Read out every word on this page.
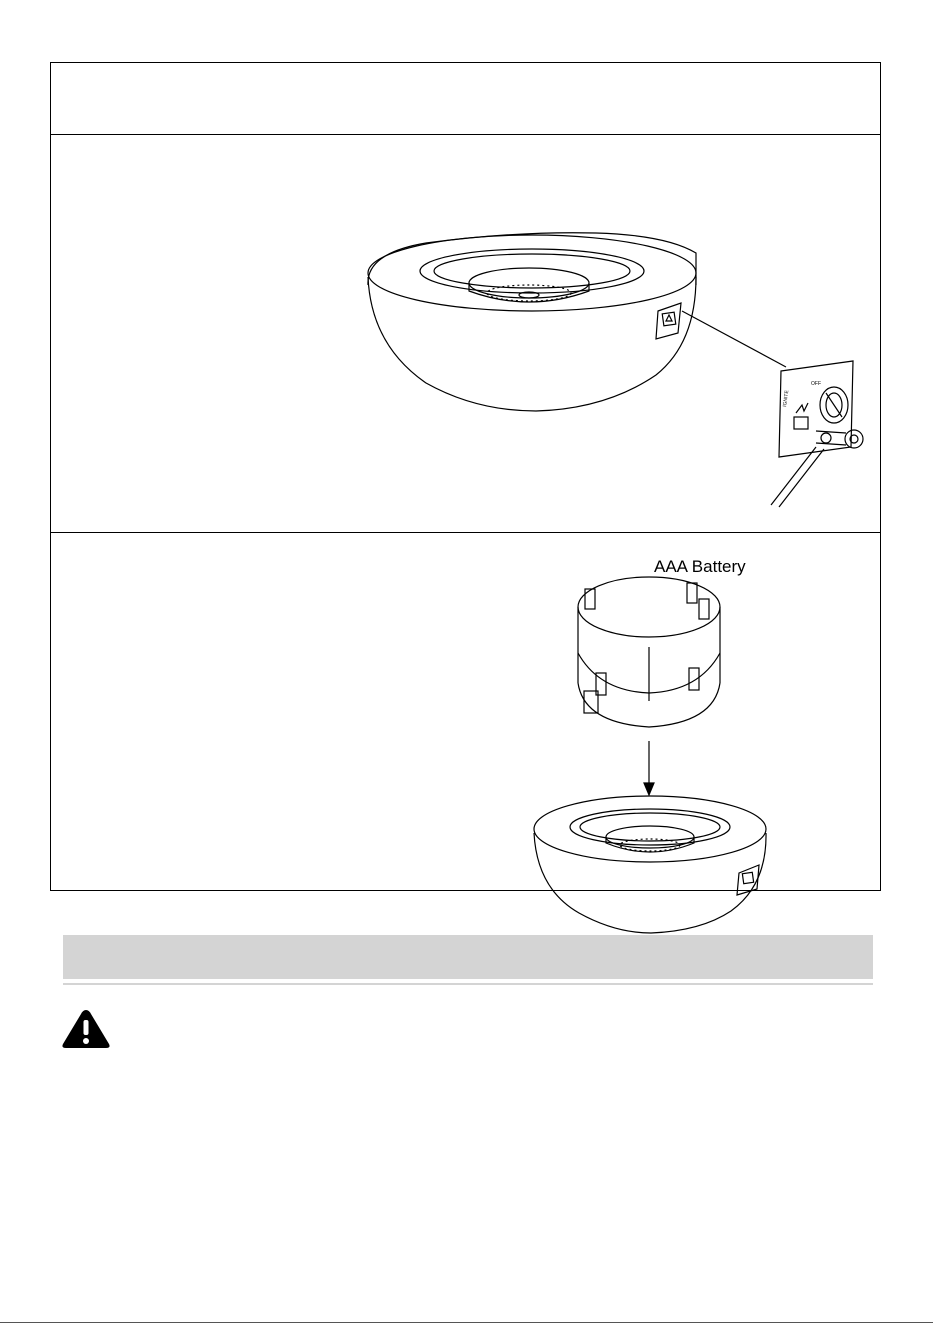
IGNITE
OFF
AAA Battery
